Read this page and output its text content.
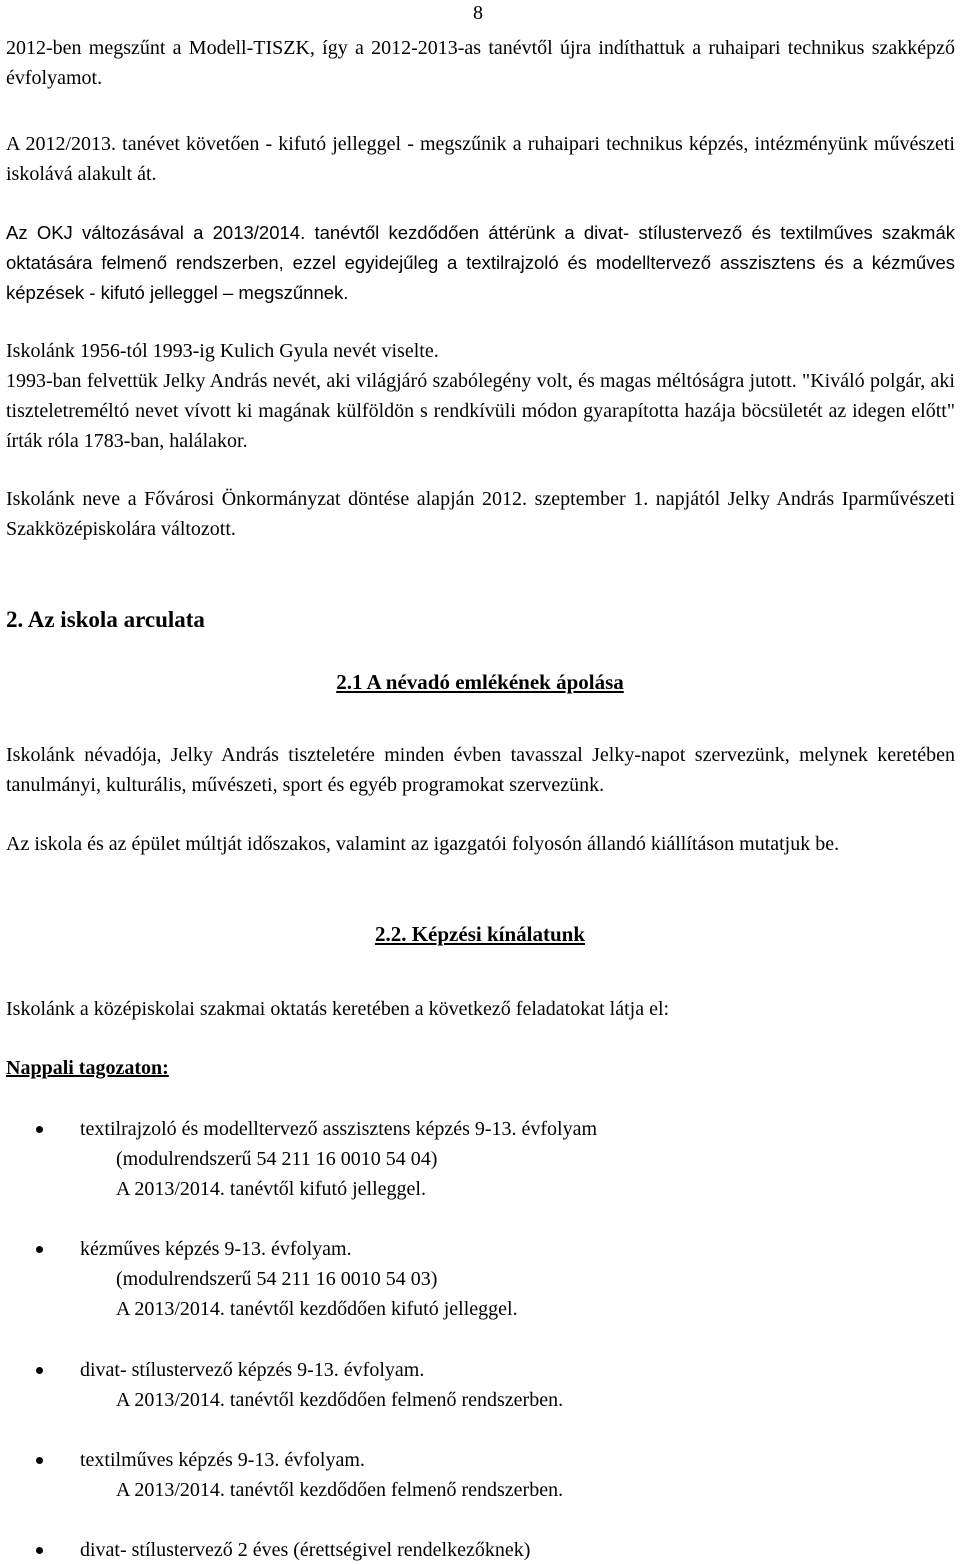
8

2012-ben megszűnt a Modell-TISZK, így a 2012-2013-as tanévtől újra indíthattuk a ruhaipari technikus szakképző évfolyamot.

A 2012/2013. tanévet követően - kifutó jelleggel - megszűnik a ruhaipari technikus képzés, intézményünk művészeti iskolává alakult át.

Az OKJ változásával a 2013/2014. tanévtől kezdődően áttérünk a divat- stílustervező és textilműves szakmák oktatására felmenő rendszerben, ezzel egyidejűleg a textilrajzoló és modelltervező asszisztens és a kézműves képzések - kifutó jelleggel – megszűnnek.

Iskolánk 1956-tól 1993-ig Kulich Gyula nevét viselte.

1993-ban felvettük Jelky András nevét, aki világjáró szabólegény volt, és magas méltóságra jutott. "Kiváló polgár, aki tiszteletreméltó nevet vívott ki magának külföldön s rendkívüli módon gyarapította hazája böcsületét az idegen előtt" írták róla 1783-ban, halálakor.

Iskolánk neve a Fővárosi Önkormányzat döntése alapján 2012. szeptember 1. napjától Jelky András Iparművészeti Szakközépiskolára változott.

2. Az iskola arculata
2.1 A névadó emlékének ápolása

Iskolánk névadója, Jelky András tiszteletére minden évben tavasszal Jelky-napot szervezünk, melynek keretében tanulmányi, kulturális, művészeti, sport és egyéb programokat szervezünk.

Az iskola és az épület múltját időszakos, valamint az igazgatói folyosón állandó kiállításon mutatjuk be.

2.2. Képzési kínálatunk

Iskolánk a középiskolai szakmai oktatás keretében a következő feladatokat látja el:

Nappali tagozaton:

textilrajzoló és modelltervező asszisztens képzés 9-13. évfolyam
(modulrendszerű 54 211 16 0010 54 04)
A 2013/2014. tanévtől kifutó jelleggel.
kézműves képzés 9-13. évfolyam.
(modulrendszerű 54 211 16 0010 54 03)
A 2013/2014. tanévtől kezdődően kifutó jelleggel.
divat- stílustervező képzés 9-13. évfolyam.
A 2013/2014. tanévtől kezdődően felmenő rendszerben.
textilműves képzés 9-13. évfolyam.
A 2013/2014. tanévtől kezdődően felmenő rendszerben.
divat- stílustervező 2 éves (érettségivel rendelkezőknek)
